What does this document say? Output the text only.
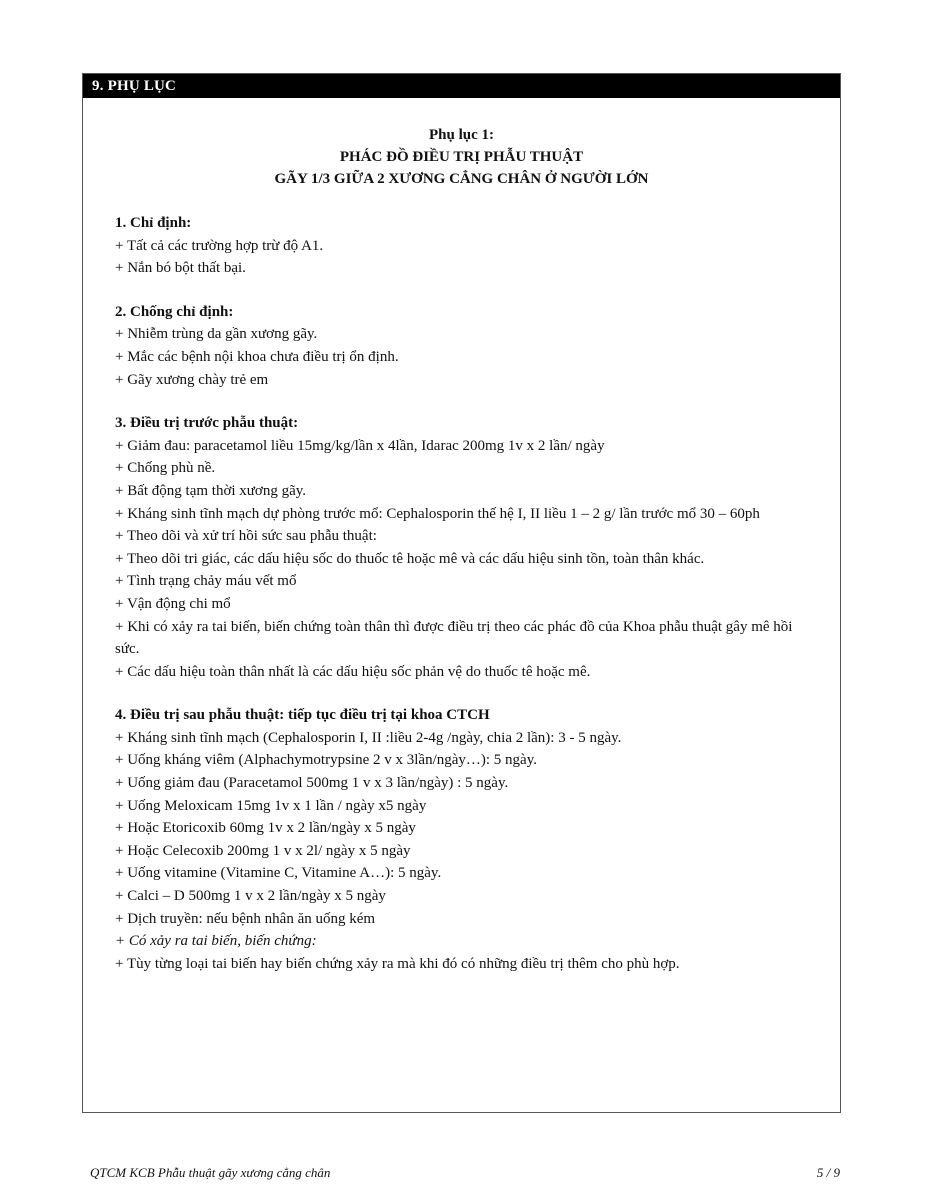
9. PHỤ LỤC
Phụ lục 1:
PHÁC ĐỒ ĐIỀU TRỊ PHẪU THUẬT
GÃY 1/3 GIỮA 2 XƯƠNG CẲNG CHÂN Ở NGƯỜI LỚN

1. Chỉ định:

+ Tất cả các trường hợp trừ độ A1.

+ Nắn bó bột thất bại.

2. Chống chỉ định:

+ Nhiễm trùng da gần xương gãy.

+ Mắc các bệnh nội khoa chưa điều trị ổn định.

+ Gãy xương chày trẻ em

3. Điều trị trước phẫu thuật:

+ Giảm đau: paracetamol liều 15mg/kg/lần x 4lần, Idarac 200mg 1v x 2 lần/ ngày

+ Chống phù nề.

+ Bất động tạm thời xương gãy.

+ Kháng sinh tĩnh mạch dự phòng trước mổ: Cephalosporin thế hệ I, II liều 1 – 2 g/ lần trước mổ 30 – 60ph

+ Theo dõi và xử trí hồi sức sau phẫu thuật:

+ Theo dõi tri giác, các dấu hiệu sốc do thuốc tê hoặc mê và các dấu hiệu sinh tồn, toàn thân khác.

+ Tình trạng chảy máu vết mổ

+ Vận động chi mổ

+ Khi có xảy ra tai biến, biến chứng toàn thân thì được điều trị theo các phác đồ của Khoa phẫu thuật gây mê hồi sức.

+ Các dấu hiệu toàn thân nhất là các dấu hiệu sốc phản vệ do thuốc tê hoặc mê.

4. Điều trị sau phẫu thuật: tiếp tục điều trị tại khoa CTCH

+ Kháng sinh tĩnh mạch (Cephalosporin I, II :liều 2-4g /ngày, chia 2 lần): 3 - 5 ngày.

+ Uống kháng viêm (Alphachymotrypsine 2 v x 3lần/ngày…): 5 ngày.

+ Uống giảm đau (Paracetamol 500mg 1 v x 3 lần/ngày) : 5 ngày.

+ Uống Meloxicam 15mg 1v x 1 lần / ngày x5 ngày

+ Hoặc Etoricoxib 60mg 1v x 2 lần/ngày x 5 ngày

+ Hoặc Celecoxib 200mg 1 v x 2l/ ngày x 5 ngày

+ Uống vitamine (Vitamine C, Vitamine A…): 5 ngày.

+ Calci – D 500mg 1 v x 2 lần/ngày x 5 ngày

+ Dịch truyền: nếu bệnh nhân ăn uống kém

+ Có xảy ra tai biến, biến chứng:

+ Tùy từng loại tai biến hay biến chứng xảy ra mà khi đó có những điều trị thêm cho phù hợp.

QTCM KCB Phẫu thuật gãy xương cẳng chân	5 / 9
